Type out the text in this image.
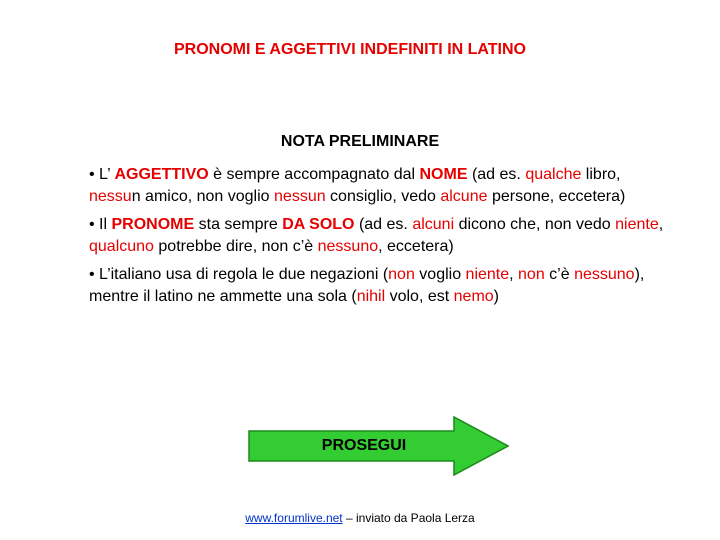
PRONOMI E AGGETTIVI INDEFINITI IN LATINO
NOTA PRELIMINARE
• L’ AGGETTIVO è sempre accompagnato dal NOME (ad es. qualche libro, nessun amico, non voglio nessun consiglio, vedo alcune persone, eccetera)
• Il PRONOME sta sempre DA SOLO (ad es. alcuni dicono che, non vedo niente, qualcuno potrebbe dire, non c’è nessuno, eccetera)
• L’italiano usa di regola le due negazioni (non voglio niente, non c’è nessuno), mentre il latino ne ammette una sola (nihil volo, est nemo)
PROSEGUI
www.forumlive.net – inviato da Paola Lerza
